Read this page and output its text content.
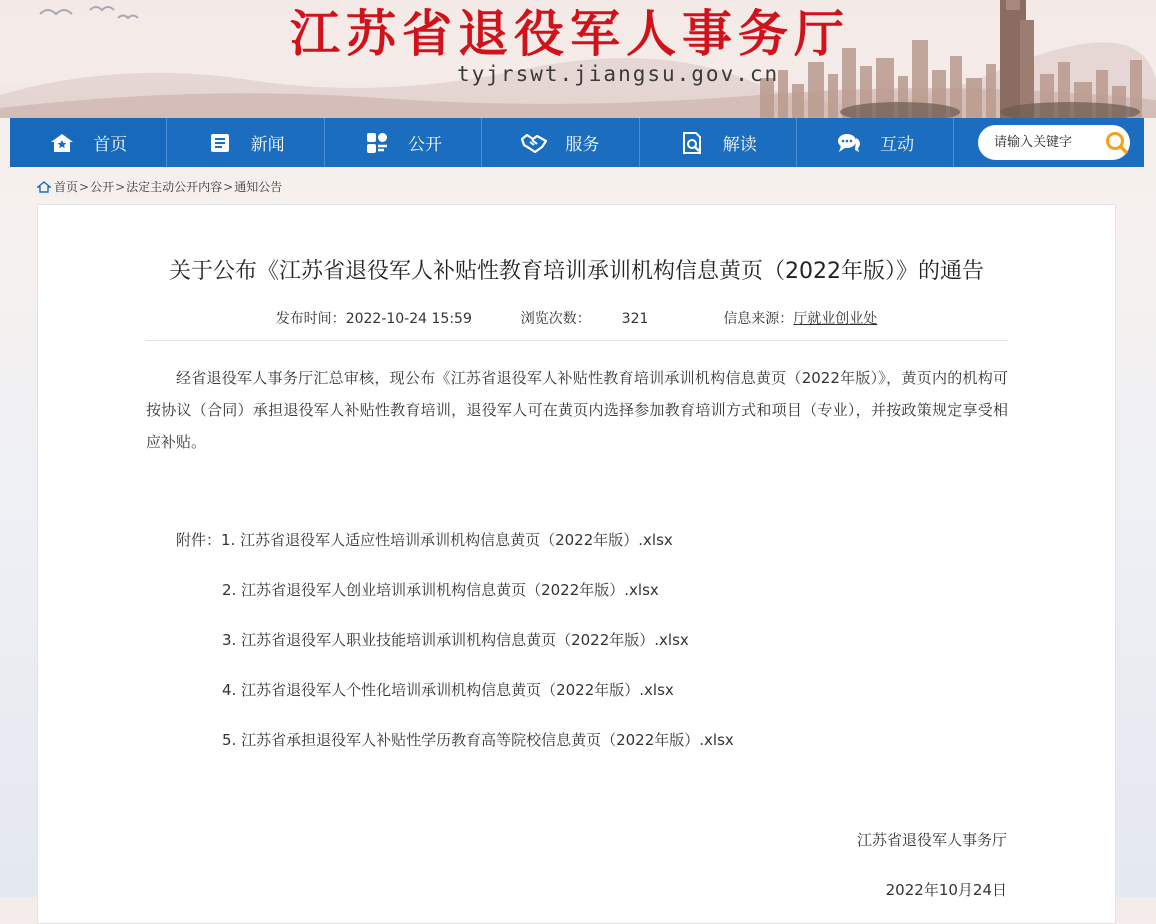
江苏省退役军人事务厅
tyjrswt.jiangsu.gov.cn
首页	新闻	公开	服务	解读	互动
请输入关键字
首页 > 公开 > 法定主动公开内容 > 通知公告
关于公布《江苏省退役军人补贴性教育培训承训机构信息黄页（2022年版）》的通告
发布时间：2022-10-24 15:59	浏览次数： 321	信息来源：厅就业创业处
经省退役军人事务厅汇总审核，现公布《江苏省退役军人补贴性教育培训承训机构信息黄页（2022年版）》，黄页内的机构可按协议（合同）承担退役军人补贴性教育培训，退役军人可在黄页内选择参加教育培训方式和项目（专业），并按政策规定享受相应补贴。
附件：1. 江苏省退役军人适应性培训承训机构信息黄页（2022年版）.xlsx
2. 江苏省退役军人创业培训承训机构信息黄页（2022年版）.xlsx
3. 江苏省退役军人职业技能培训承训机构信息黄页（2022年版）.xlsx
4. 江苏省退役军人个性化培训承训机构信息黄页（2022年版）.xlsx
5. 江苏省承担退役军人补贴性学历教育高等院校信息黄页（2022年版）.xlsx
江苏省退役军人事务厅
2022年10月24日
